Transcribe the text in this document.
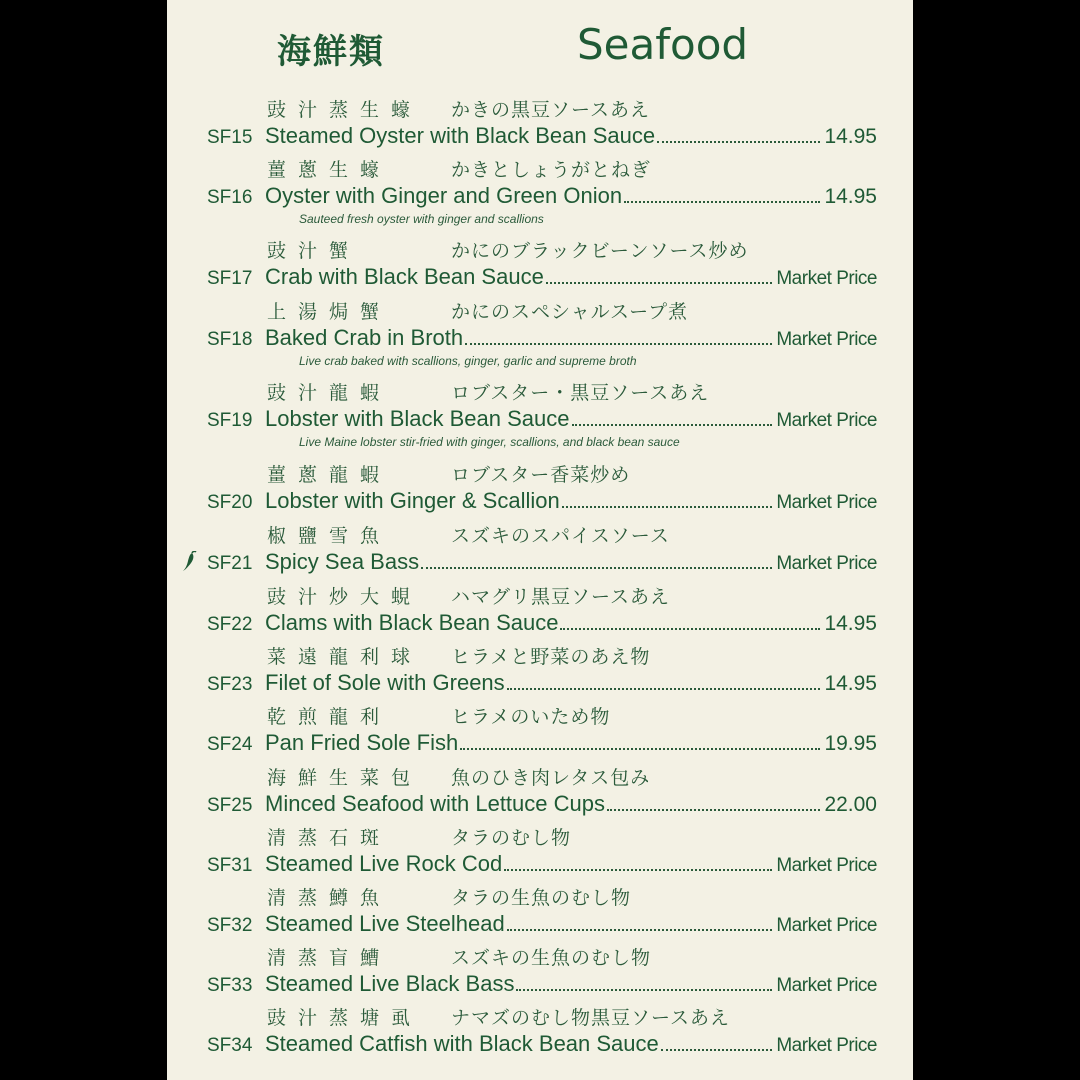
海鮮類	Seafood
豉汁蒸生蠔 かきの黒豆ソースあえ
SF15 Steamed Oyster with Black Bean Sauce	14.95
薑蔥生蠔	かきとしょうがとねぎ
SF16 Oyster with Ginger and Green Onion	14.95
Sauteed fresh oyster with ginger and scallions
豉汁蟹	かにのブラックビーンソース炒め
SF17 Crab with Black Bean Sauce	Market Price
上湯焗蟹	かにのスペシャルスープ煮
SF18 Baked Crab in Broth	Market Price
Live crab baked with scallions, ginger, garlic and supreme broth
豉汁龍蝦	ロブスター・黒豆ソースあえ
SF19 Lobster with Black Bean Sauce	Market Price
Live Maine lobster stir-fried with ginger, scallions, and black bean sauce
薑蔥龍蝦	ロブスター香菜炒め
SF20 Lobster with Ginger & Scallion	Market Price
椒鹽雪魚	スズキのスパイスソース
SF21 Spicy Sea Bass	Market Price
豉汁炒大蜆 ハマグリ黒豆ソースあえ
SF22 Clams with Black Bean Sauce	14.95
菜遠龍利球 ヒラメと野菜のあえ物
SF23 Filet of Sole with Greens	14.95
乾煎龍利	ヒラメのいため物
SF24 Pan Fried Sole Fish	19.95
海鮮生菜包 魚のひき肉レタス包み
SF25 Minced Seafood with Lettuce Cups	22.00
清蒸石斑	タラのむし物
SF31 Steamed Live Rock Cod	Market Price
清蒸鱒魚	タラの生魚のむし物
SF32 Steamed Live Steelhead	Market Price
清蒸盲鰽	スズキの生魚のむし物
SF33 Steamed Live Black Bass	Market Price
豉汁蒸塘虱 ナマズのむし物黒豆ソースあえ
SF34 Steamed Catfish with Black Bean Sauce	Market Price
